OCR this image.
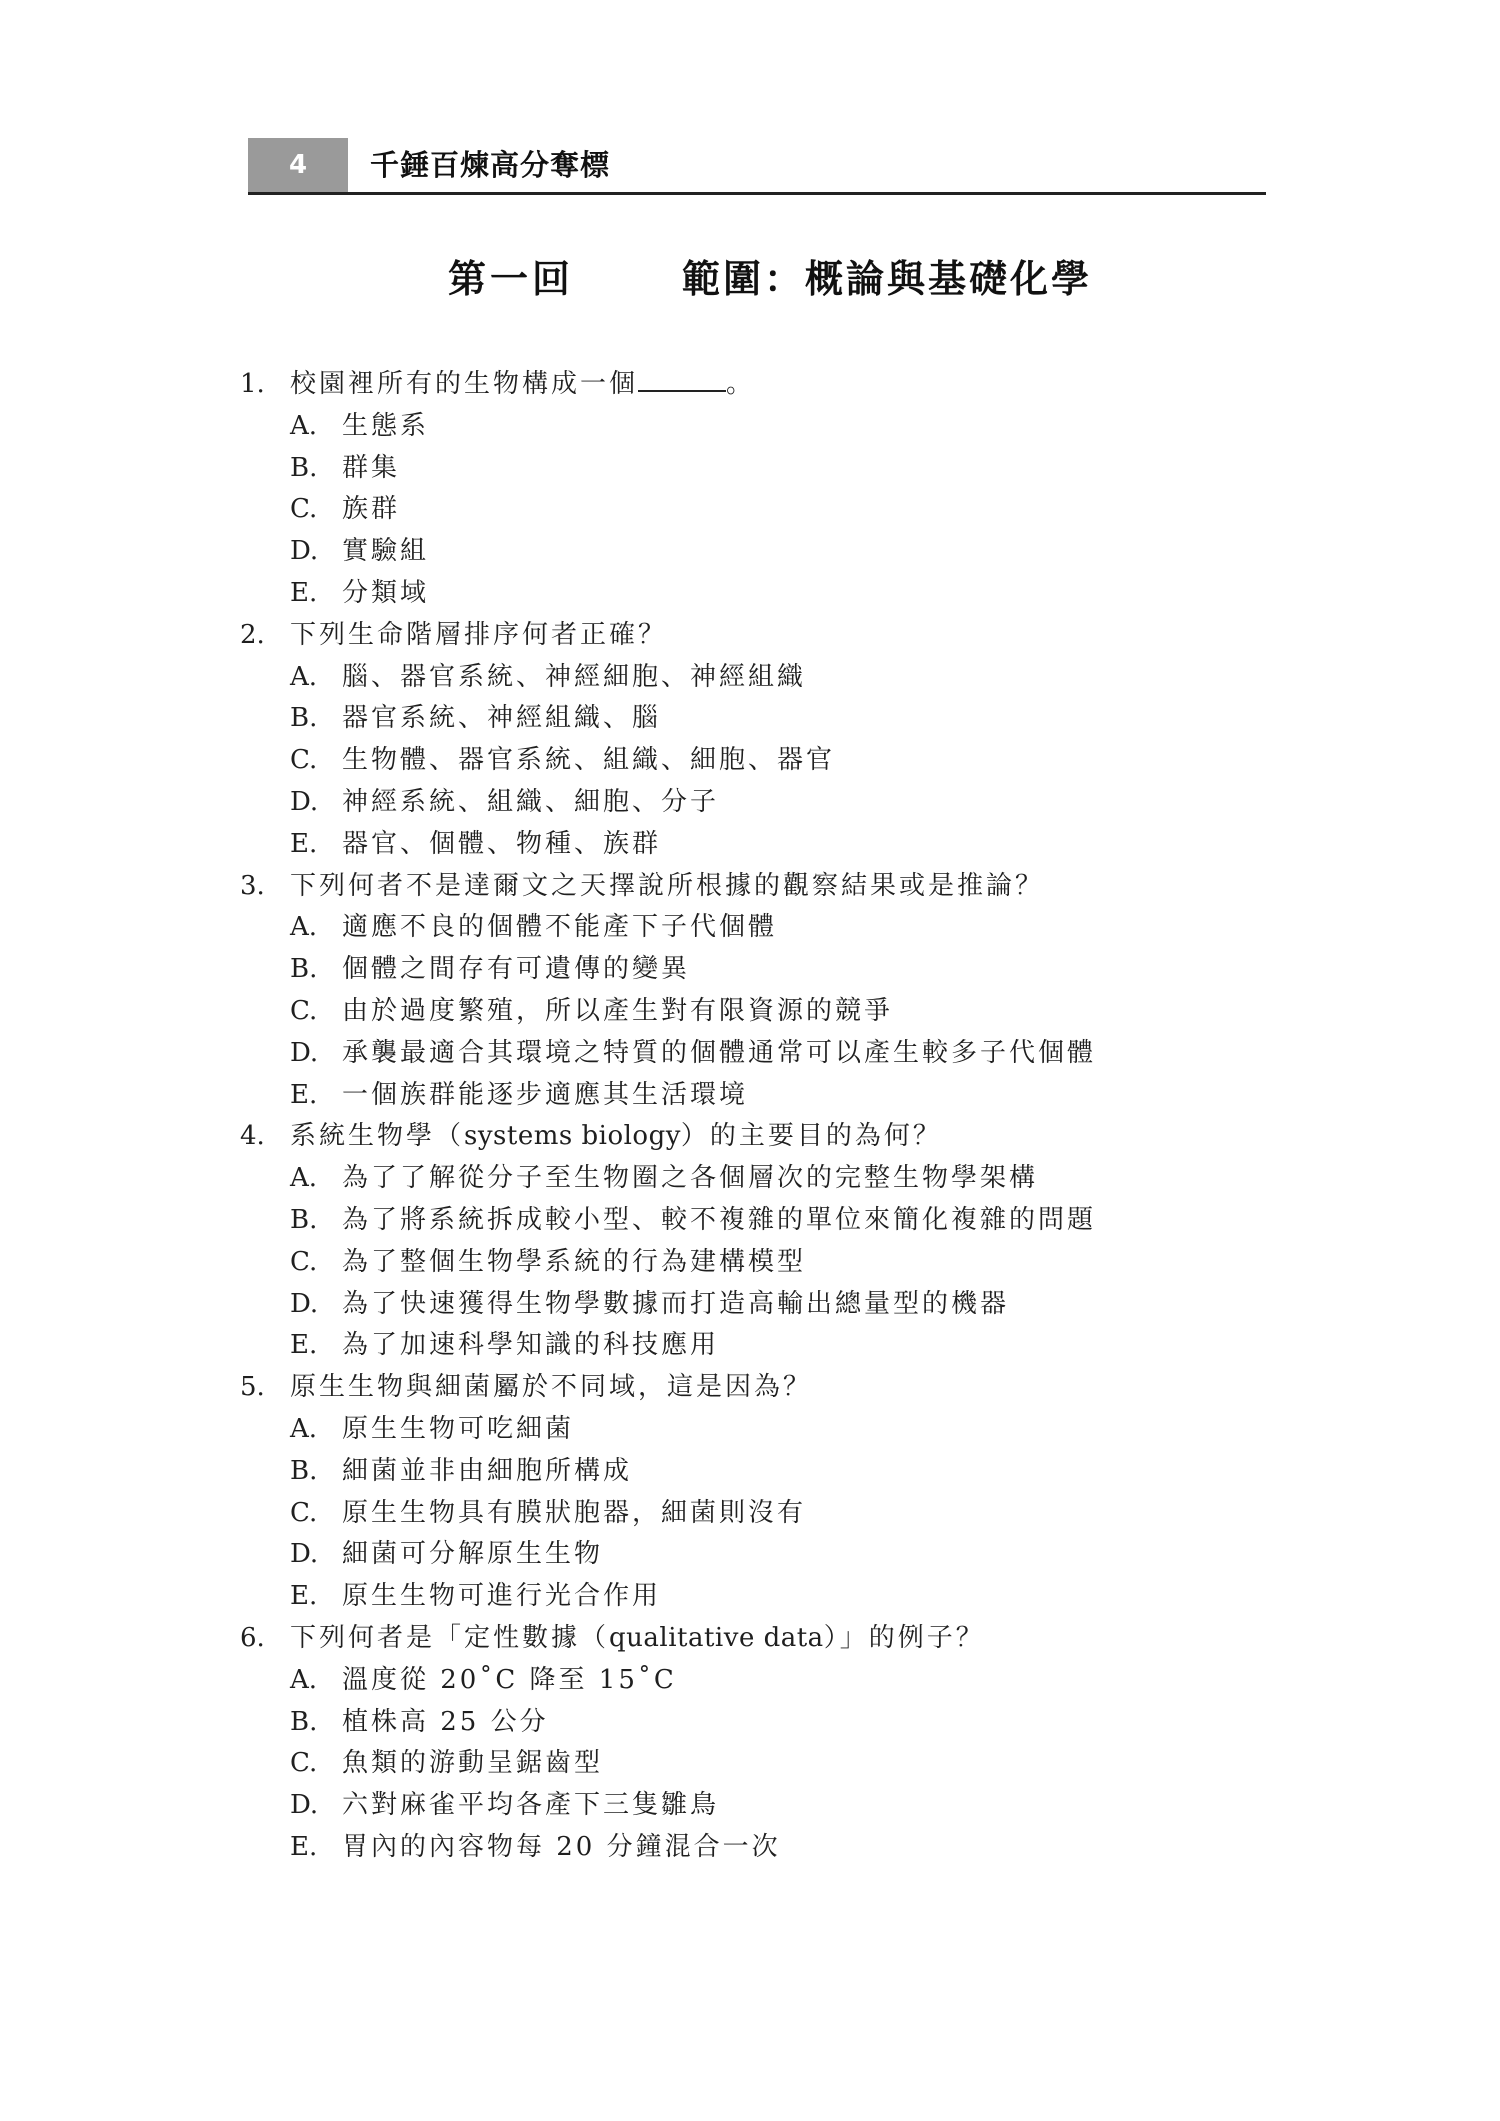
4	千錘百煉高分奪標
第一回	範圍：概論與基礎化學
1. 校園裡所有的生物構成一個	。
A. 生態系
B. 群集
C. 族群
D. 實驗組
E. 分類域
2. 下列生命階層排序何者正確？
A. 腦、器官系統、神經細胞、神經組織
B. 器官系統、神經組織、腦
C. 生物體、器官系統、組織、細胞、器官
D. 神經系統、組織、細胞、分子
E. 器官、個體、物種、族群
3. 下列何者不是達爾文之天擇說所根據的觀察結果或是推論？
A. 適應不良的個體不能產下子代個體
B. 個體之間存有可遺傳的變異
C. 由於過度繁殖，所以產生對有限資源的競爭
D. 承襲最適合其環境之特質的個體通常可以產生較多子代個體
E. 一個族群能逐步適應其生活環境
4. 系統生物學（systems biology）的主要目的為何？
A. 為了了解從分子至生物圈之各個層次的完整生物學架構
B. 為了將系統拆成較小型、較不複雜的單位來簡化複雜的問題
C. 為了整個生物學系統的行為建構模型
D. 為了快速獲得生物學數據而打造高輸出總量型的機器
E. 為了加速科學知識的科技應用
5. 原生生物與細菌屬於不同域，這是因為？
A. 原生生物可吃細菌
B. 細菌並非由細胞所構成
C. 原生生物具有膜狀胞器，細菌則沒有
D. 細菌可分解原生生物
E. 原生生物可進行光合作用
6. 下列何者是「定性數據（qualitative data）」的例子？
A. 溫度從 20˚C 降至 15˚C
B. 植株高 25 公分
C. 魚類的游動呈鋸齒型
D. 六對麻雀平均各產下三隻雛鳥
E. 胃內的內容物每 20 分鐘混合一次
